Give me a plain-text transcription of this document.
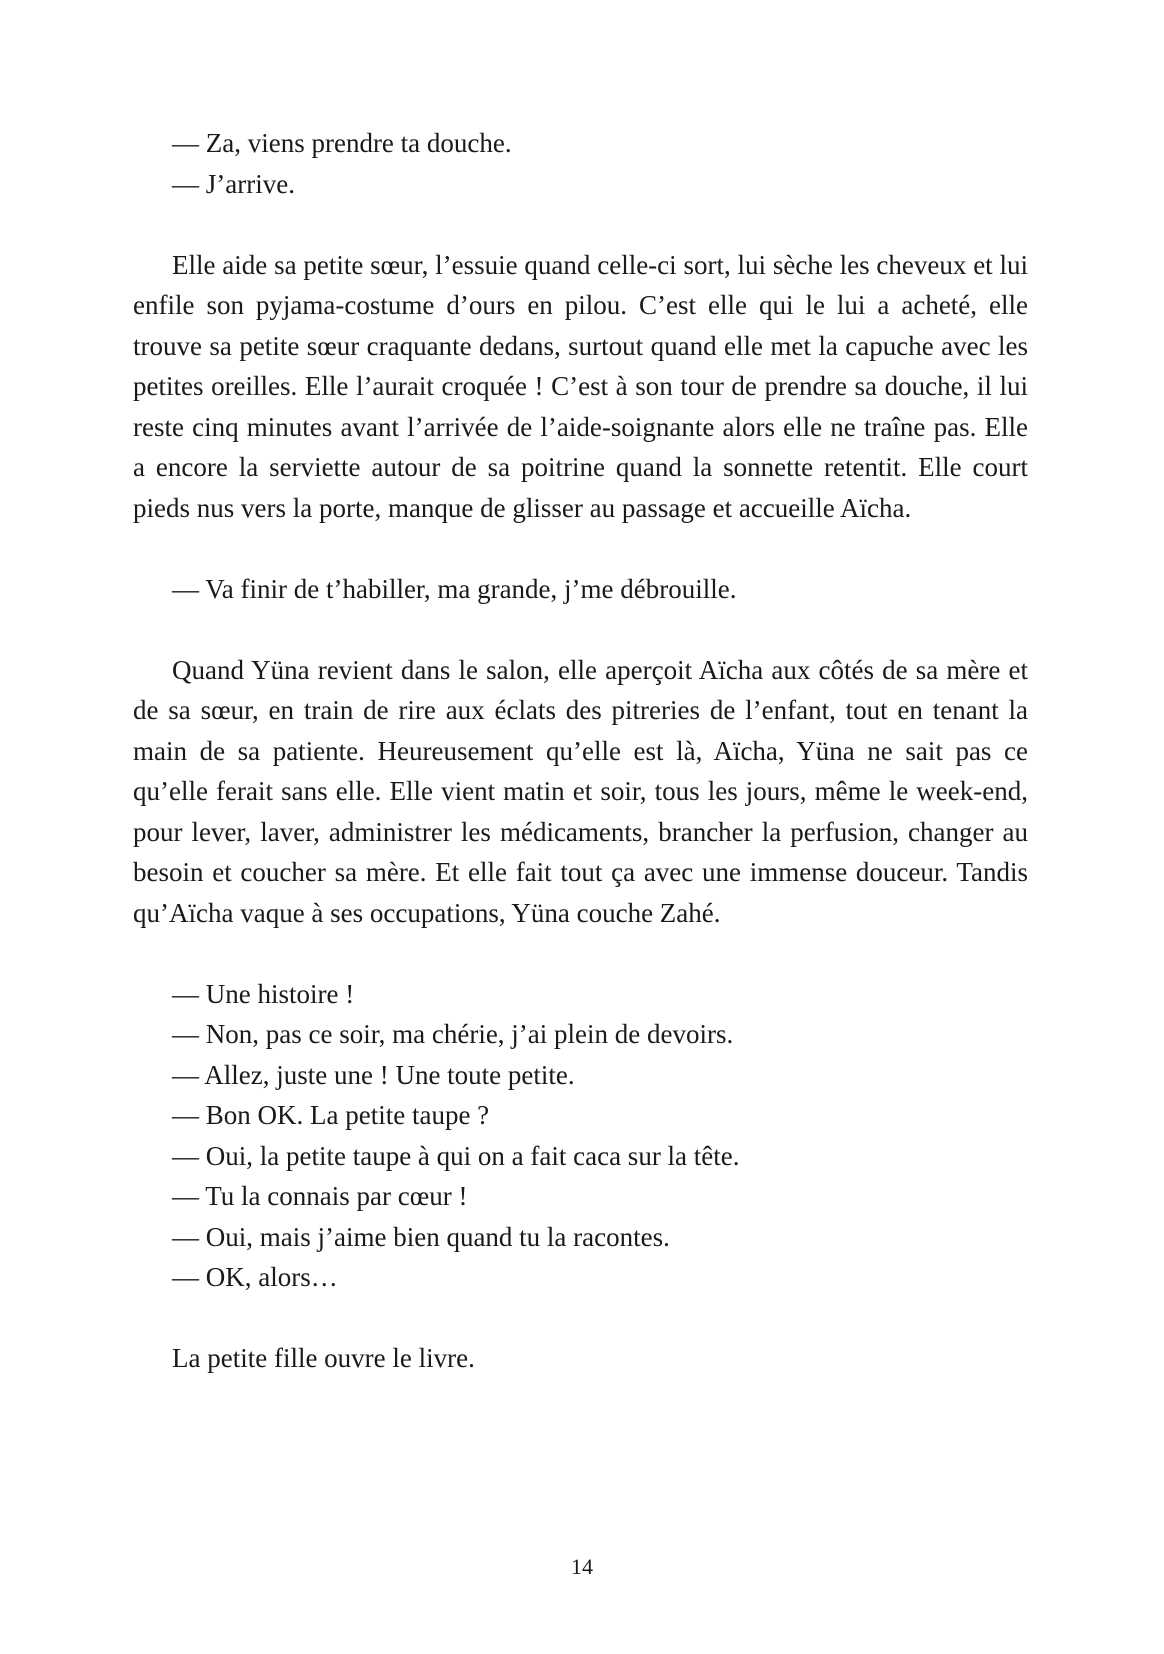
— Za, viens prendre ta douche.
— J’arrive.

Elle aide sa petite sœur, l’essuie quand celle-ci sort, lui sèche les cheveux et lui enfile son pyjama-costume d’ours en pilou. C’est elle qui le lui a acheté, elle trouve sa petite sœur craquante dedans, surtout quand elle met la capuche avec les petites oreilles. Elle l’aurait croquée ! C’est à son tour de prendre sa douche, il lui reste cinq minutes avant l’arrivée de l’aide-soignante alors elle ne traîne pas. Elle a encore la serviette autour de sa poitrine quand la sonnette retentit. Elle court pieds nus vers la porte, manque de glisser au passage et accueille Aïcha.

— Va finir de t’habiller, ma grande, j’me débrouille.

Quand Yüna revient dans le salon, elle aperçoit Aïcha aux côtés de sa mère et de sa sœur, en train de rire aux éclats des pitreries de l’enfant, tout en tenant la main de sa patiente. Heureusement qu’elle est là, Aïcha, Yüna ne sait pas ce qu’elle ferait sans elle. Elle vient matin et soir, tous les jours, même le week-end, pour lever, laver, administrer les médicaments, brancher la perfusion, changer au besoin et coucher sa mère. Et elle fait tout ça avec une immense douceur. Tandis qu’Aïcha vaque à ses occupations, Yüna couche Zahé.

— Une histoire !
— Non, pas ce soir, ma chérie, j’ai plein de devoirs.
— Allez, juste une ! Une toute petite.
— Bon OK. La petite taupe ?
— Oui, la petite taupe à qui on a fait caca sur la tête.
— Tu la connais par cœur !
— Oui, mais j’aime bien quand tu la racontes.
— OK, alors…
La petite fille ouvre le livre.
14
